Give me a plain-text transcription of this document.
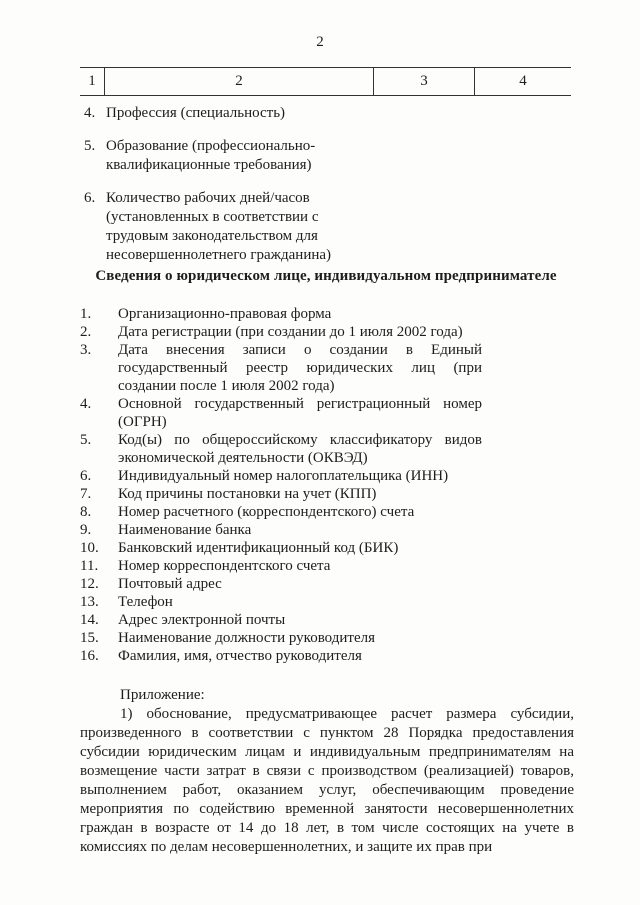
2
1	2	3	4
4. Профессия (специальность)
5. Образование (профессионально-
квалификационные требования)
6. Количество рабочих дней/часов
(установленных в соответствии с
трудовым законодательством для
несовершеннолетнего гражданина)
Сведения о юридическом лице, индивидуальном предпринимателе
1.	Организационно-правовая форма
2.	Дата регистрации (при создании до 1 июля 2002 года)
3.	Дата внесения записи о создании в Единый государственный реестр юридических лиц (при создании после 1 июля 2002 года)
4.	Основной государственный регистрационный номер (ОГРН)
5.	Код(ы) по общероссийскому классификатору видов экономической деятельности (ОКВЭД)
6.	Индивидуальный номер налогоплательщика (ИНН)
7.	Код причины постановки на учет (КПП)
8.	Номер расчетного (корреспондентского) счета
9.	Наименование банка
10.	Банковский идентификационный код (БИК)
11.	Номер корреспондентского счета
12.	Почтовый адрес
13.	Телефон
14.	Адрес электронной почты
15.	Наименование должности руководителя
16.	Фамилия, имя, отчество руководителя
Приложение:
1) обоснование, предусматривающее расчет размера субсидии, произведенного в соответствии с пунктом 28 Порядка предоставления субсидии юридическим лицам и индивидуальным предпринимателям на возмещение части затрат в связи с производством (реализацией) товаров, выполнением работ, оказанием услуг, обеспечивающим проведение мероприятия по содействию временной занятости несовершеннолетних граждан в возрасте от 14 до 18 лет, в том числе состоящих на учете в комиссиях по делам несовершеннолетних, и защите их прав при
